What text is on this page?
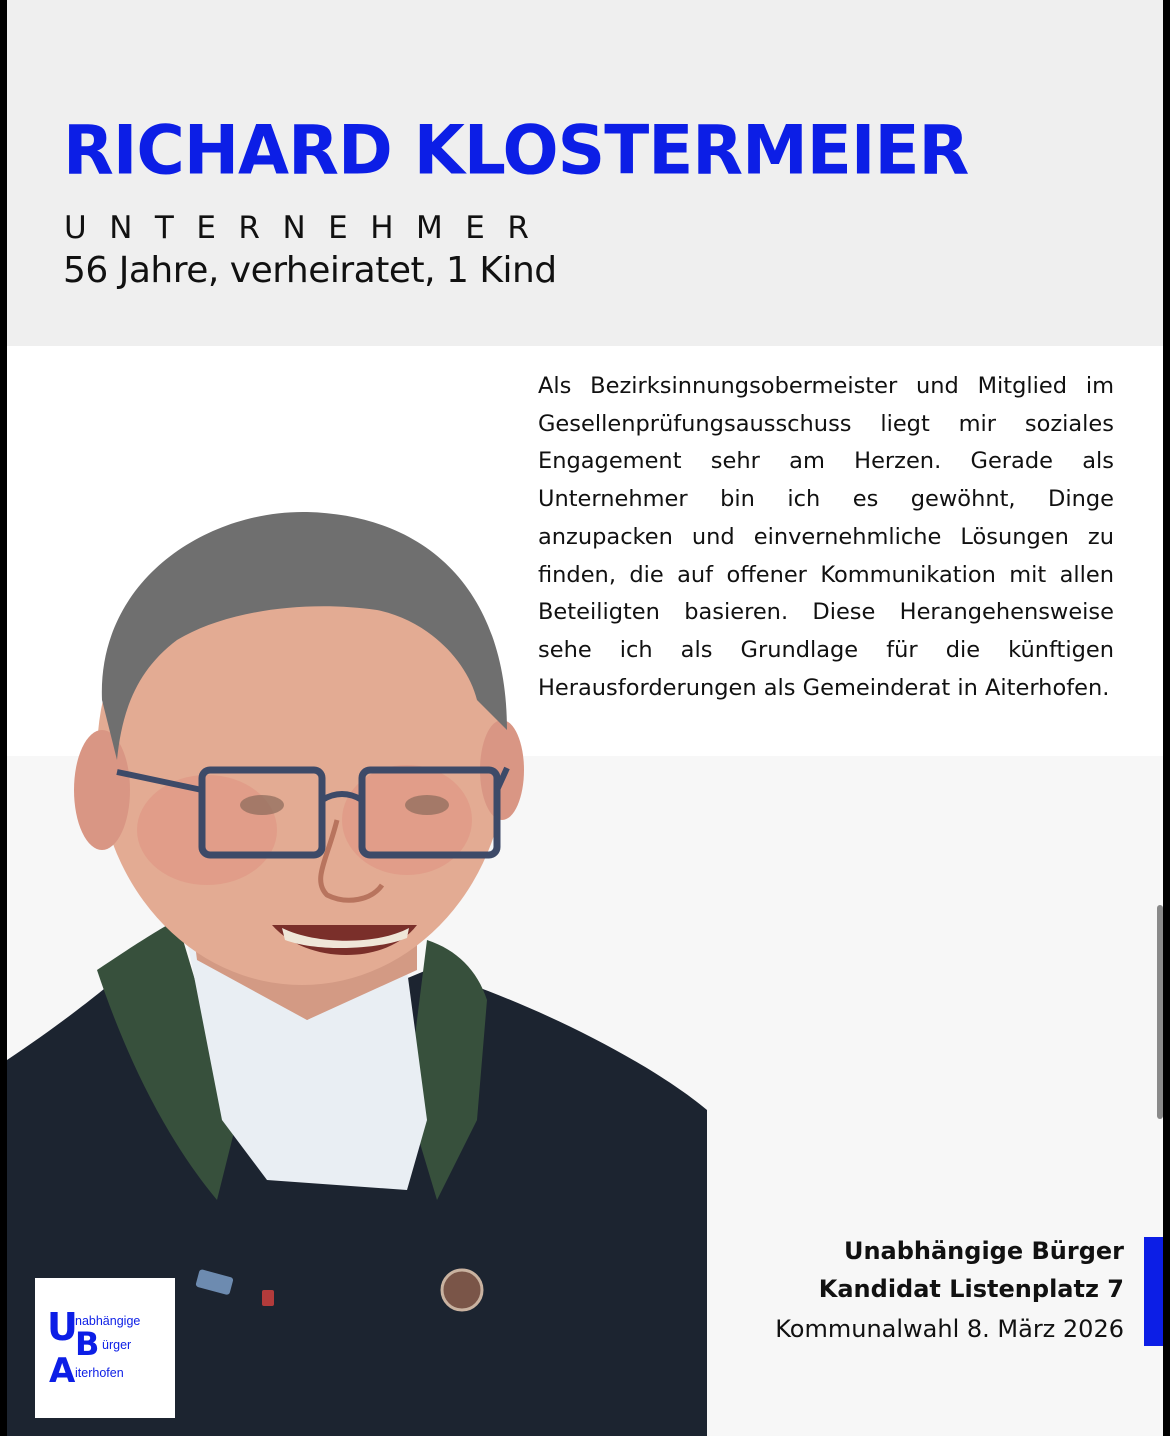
RICHARD KLOSTERMEIER

UNTERNEHMER

56 Jahre, verheiratet, 1 Kind

Als Bezirksinnungsobermeister und Mitglied im Gesellenprüfungsausschuss liegt mir soziales Engagement sehr am Herzen. Gerade als Unternehmer bin ich es gewöhnt, Dinge anzupacken und einvernehmliche Lösungen zu finden, die auf offener Kommunikation mit allen Beteiligten basieren. Diese Herangehensweise sehe ich als Grundlage für die künftigen Herausforderungen als Gemeinderat in Aiterhofen.

Unabhängige Bürger
Kandidat Listenplatz 7
Kommunalwahl 8. März 2026
U
nabhängige
B ürger
A iterhofen
